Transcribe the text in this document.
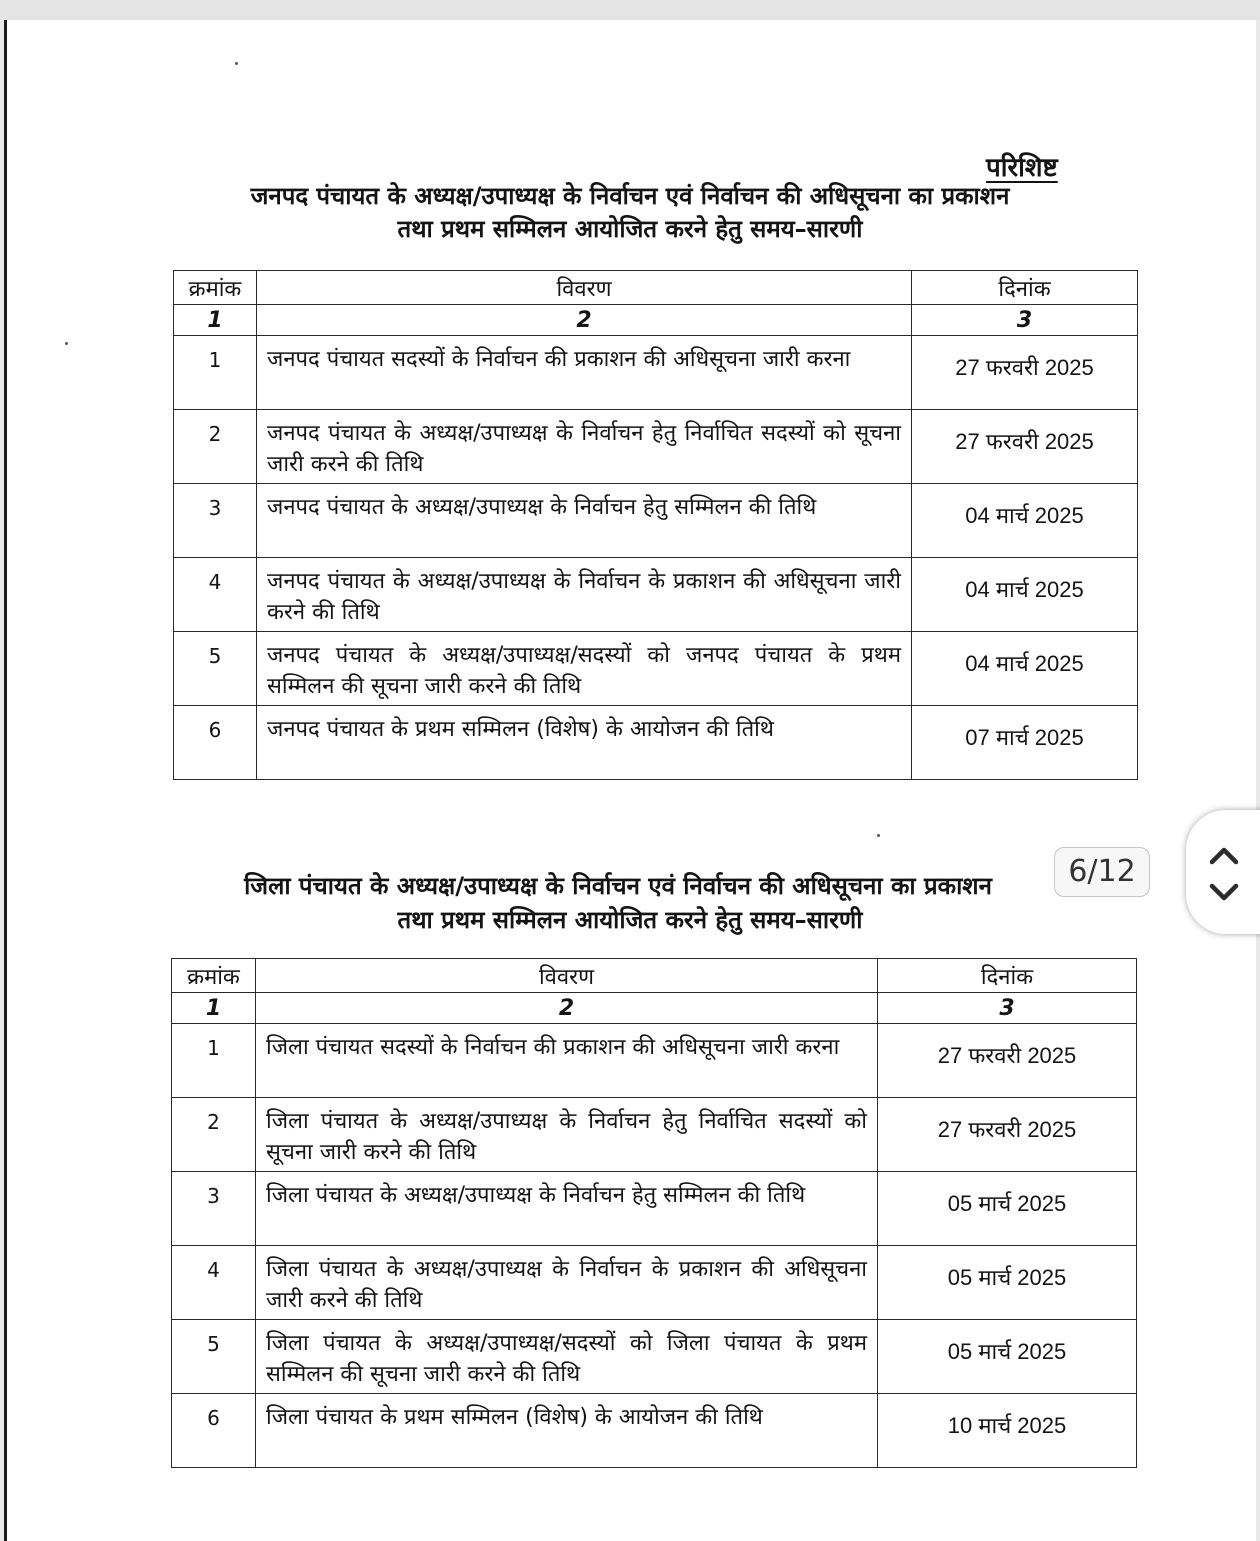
परिशिष्ट
जनपद पंचायत के अध्यक्ष/उपाध्यक्ष के निर्वाचन एवं निर्वाचन की अधिसूचना का प्रकाशन
तथा प्रथम सम्मिलन आयोजित करने हेतु समय–सारणी
क्रमांक	विवरण	दिनांक
1	2	3
1	जनपद पंचायत सदस्यों के निर्वाचन की प्रकाशन की अधिसूचना जारी करना	27 फरवरी 2025
2	जनपद पंचायत के अध्यक्ष/उपाध्यक्ष के निर्वाचन हेतु निर्वाचित सदस्यों को सूचना जारी करने की तिथि	27 फरवरी 2025
3	जनपद पंचायत के अध्यक्ष/उपाध्यक्ष के निर्वाचन हेतु सम्मिलन की तिथि	04 मार्च 2025
4	जनपद पंचायत के अध्यक्ष/उपाध्यक्ष के निर्वाचन के प्रकाशन की अधिसूचना जारी करने की तिथि	04 मार्च 2025
5	जनपद पंचायत के अध्यक्ष/उपाध्यक्ष/सदस्यों को जनपद पंचायत के प्रथम सम्मिलन की सूचना जारी करने की तिथि	04 मार्च 2025
6	जनपद पंचायत के प्रथम सम्मिलन (विशेष) के आयोजन की तिथि	07 मार्च 2025
जिला पंचायत के अध्यक्ष/उपाध्यक्ष के निर्वाचन एवं निर्वाचन की अधिसूचना का प्रकाशन
तथा प्रथम सम्मिलन आयोजित करने हेतु समय–सारणी
क्रमांक	विवरण	दिनांक
1	2	3
1	जिला पंचायत सदस्यों के निर्वाचन की प्रकाशन की अधिसूचना जारी करना	27 फरवरी 2025
2	जिला पंचायत के अध्यक्ष/उपाध्यक्ष के निर्वाचन हेतु निर्वाचित सदस्यों को सूचना जारी करने की तिथि	27 फरवरी 2025
3	जिला पंचायत के अध्यक्ष/उपाध्यक्ष के निर्वाचन हेतु सम्मिलन की तिथि	05 मार्च 2025
4	जिला पंचायत के अध्यक्ष/उपाध्यक्ष के निर्वाचन के प्रकाशन की अधिसूचना जारी करने की तिथि	05 मार्च 2025
5	जिला पंचायत के अध्यक्ष/उपाध्यक्ष/सदस्यों को जिला पंचायत के प्रथम सम्मिलन की सूचना जारी करने की तिथि	05 मार्च 2025
6	जिला पंचायत के प्रथम सम्मिलन (विशेष) के आयोजन की तिथि	10 मार्च 2025
6/12
